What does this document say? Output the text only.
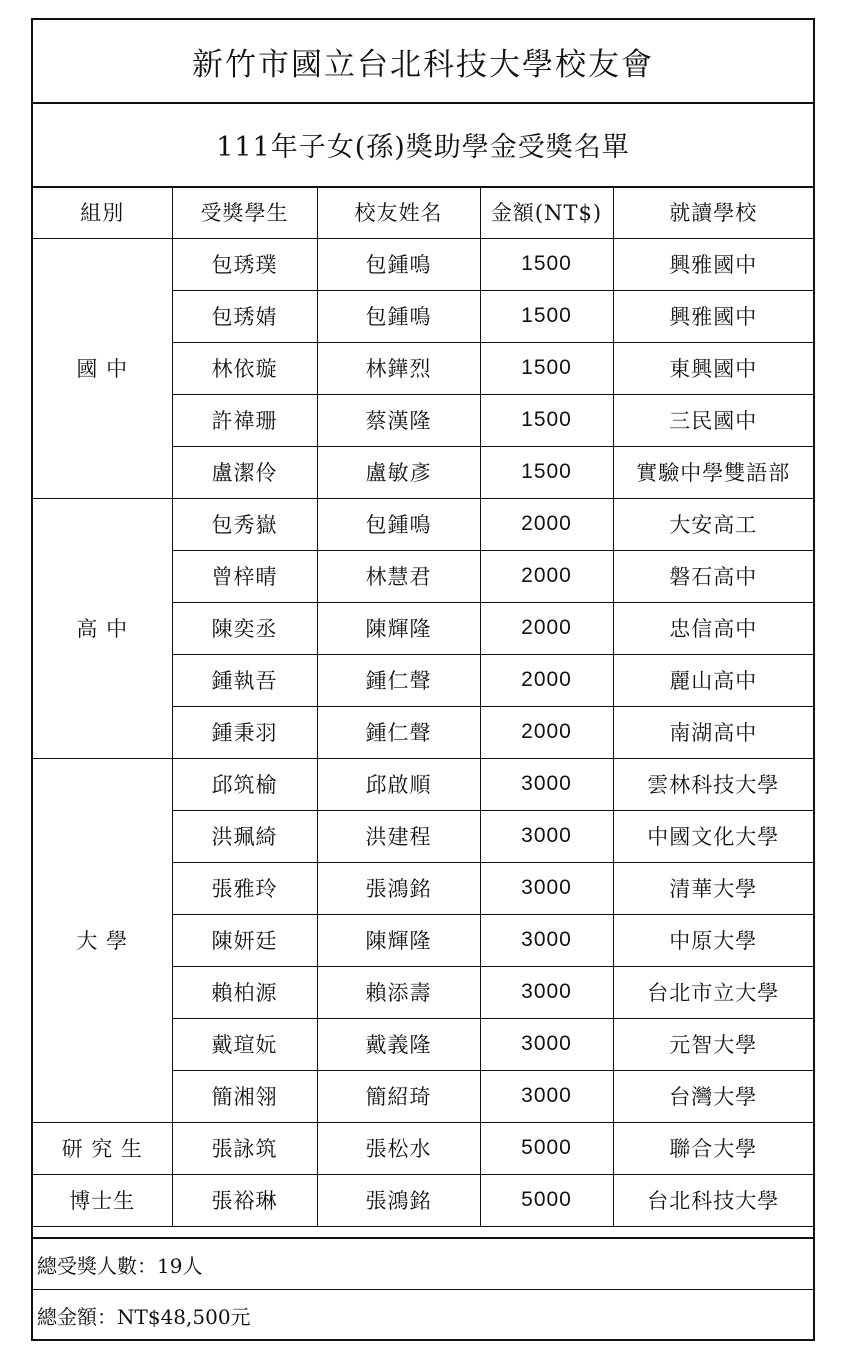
新竹市國立台北科技大學校友會
111年子女(孫)獎助學金受獎名單
組別	受獎學生	校友姓名	金額(NT$)	就讀學校
國 中	包琇璞	包鍾鳴	1500	興雅國中
	包琇婧	包鍾鳴	1500	興雅國中
	林依璇	林鏵烈	1500	東興國中
	許禕珊	蔡漢隆	1500	三民國中
	盧潔伶	盧敏彥	1500	實驗中學雙語部
高 中	包秀嶽	包鍾鳴	2000	大安高工
	曾梓晴	林慧君	2000	磐石高中
	陳奕丞	陳輝隆	2000	忠信高中
	鍾執吾	鍾仁聲	2000	麗山高中
	鍾秉羽	鍾仁聲	2000	南湖高中
大 學	邱筑榆	邱啟順	3000	雲林科技大學
	洪珮綺	洪建程	3000	中國文化大學
	張雅玲	張鴻銘	3000	清華大學
	陳妍廷	陳輝隆	3000	中原大學
	賴柏源	賴添壽	3000	台北市立大學
	戴瑄妧	戴義隆	3000	元智大學
	簡湘翎	簡紹琦	3000	台灣大學
研 究 生	張詠筑	張松水	5000	聯合大學
博士生	張裕琳	張鴻銘	5000	台北科技大學
總受獎人數：19人
總金額：NT$48,500元
